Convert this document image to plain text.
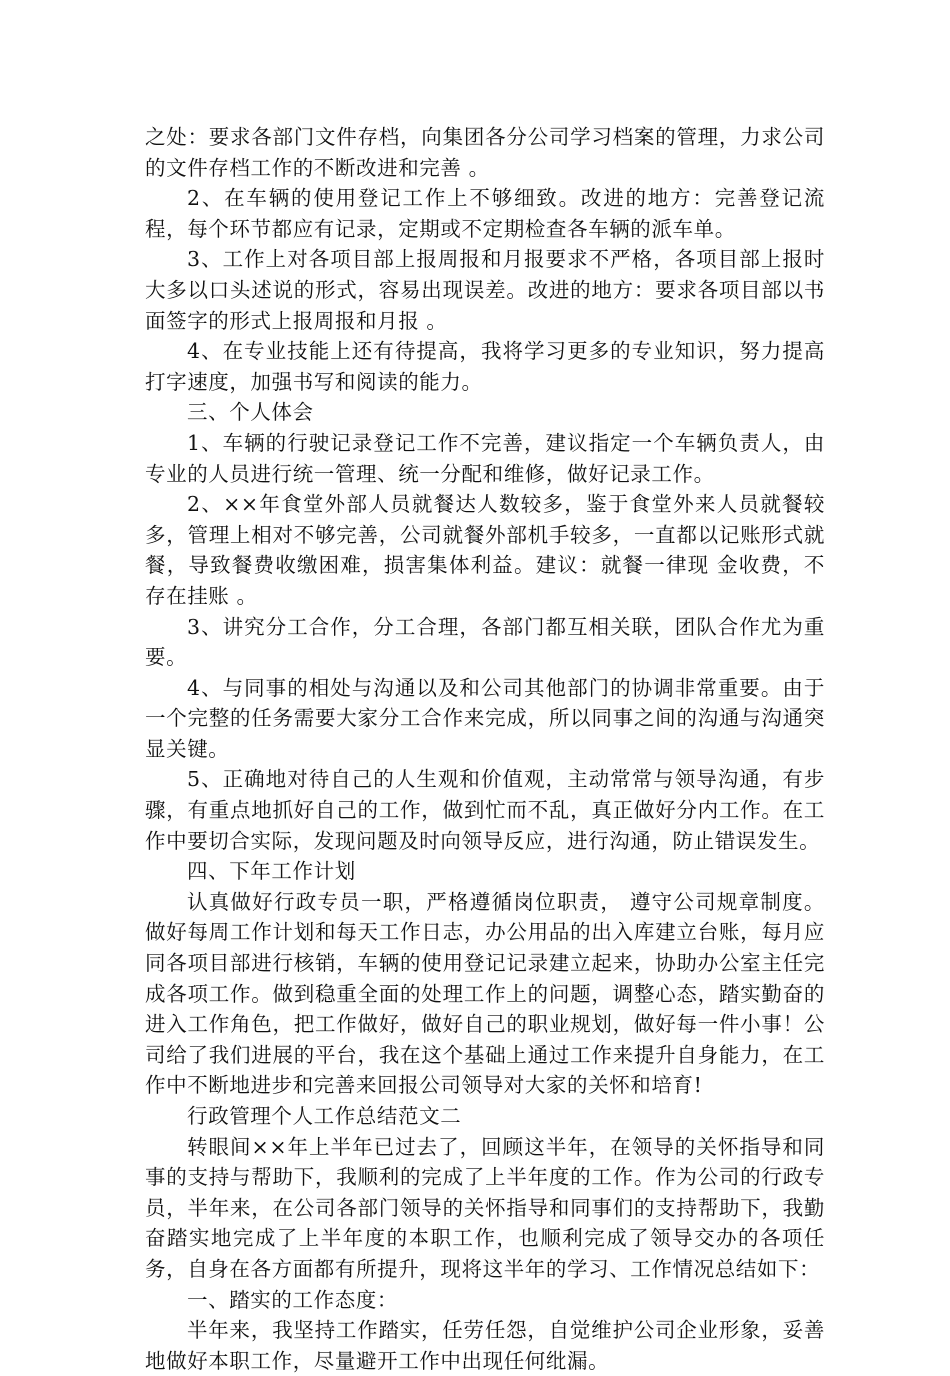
之处：要求各部门文件存档，向集团各分公司学习档案的管理，力求公司的文件存档工作的不断改进和完善 。

2、在车辆的使用登记工作上不够细致。改进的地方：完善登记流程，每个环节都应有记录，定期或不定期检查各车辆的派车单。

3、工作上对各项目部上报周报和月报要求不严格，各项目部上报时大多以口头述说的形式，容易出现误差。改进的地方：要求各项目部以书面签字的形式上报周报和月报 。

4、在专业技能上还有待提高，我将学习更多的专业知识，努力提高打字速度，加强书写和阅读的能力。

三、个人体会

1、车辆的行驶记录登记工作不完善，建议指定一个车辆负责人，由专业的人员进行统一管理、统一分配和维修，做好记录工作。

2、××年食堂外部人员就餐达人数较多，鉴于食堂外来人员就餐较多，管理上相对不够完善，公司就餐外部机手较多，一直都以记账形式就餐，导致餐费收缴困难，损害集体利益。建议：就餐一律现 金收费，不存在挂账 。

3、讲究分工合作，分工合理，各部门都互相关联，团队合作尤为重要。

4、与同事的相处与沟通以及和公司其他部门的协调非常重要。由于一个完整的任务需要大家分工合作来完成，所以同事之间的沟通与沟通突显关键。

5、正确地对待自己的人生观和价值观，主动常常与领导沟通，有步骤，有重点地抓好自己的工作，做到忙而不乱，真正做好分内工作。在工作中要切合实际，发现问题及时向领导反应，进行沟通，防止错误发生。

四、下年工作计划

认真做好行政专员一职，严格遵循岗位职责， 遵守公司规章制度。做好每周工作计划和每天工作日志，办公用品的出入库建立台账，每月应同各项目部进行核销，车辆的使用登记记录建立起来，协助办公室主任完成各项工作。做到稳重全面的处理工作上的问题，调整心态，踏实勤奋的进入工作角色，把工作做好，做好自己的职业规划，做好每一件小事！公司给了我们进展的平台，我在这个基础上通过工作来提升自身能力，在工作中不断地进步和完善来回报公司领导对大家的关怀和培育!

行政管理个人工作总结范文二

转眼间××年上半年已过去了，回顾这半年，在领导的关怀指导和同事的支持与帮助下，我顺利的完成了上半年度的工作。作为公司的行政专员，半年来，在公司各部门领导的关怀指导和同事们的支持帮助下，我勤奋踏实地完成了上半年度的本职工作，也顺利完成了领导交办的各项任务，自身在各方面都有所提升，现将这半年的学习、工作情况总结如下：

一、踏实的工作态度：

半年来，我坚持工作踏实，任劳任怨，自觉维护公司企业形象，妥善地做好本职工作，尽量避开工作中出现任何纰漏。
